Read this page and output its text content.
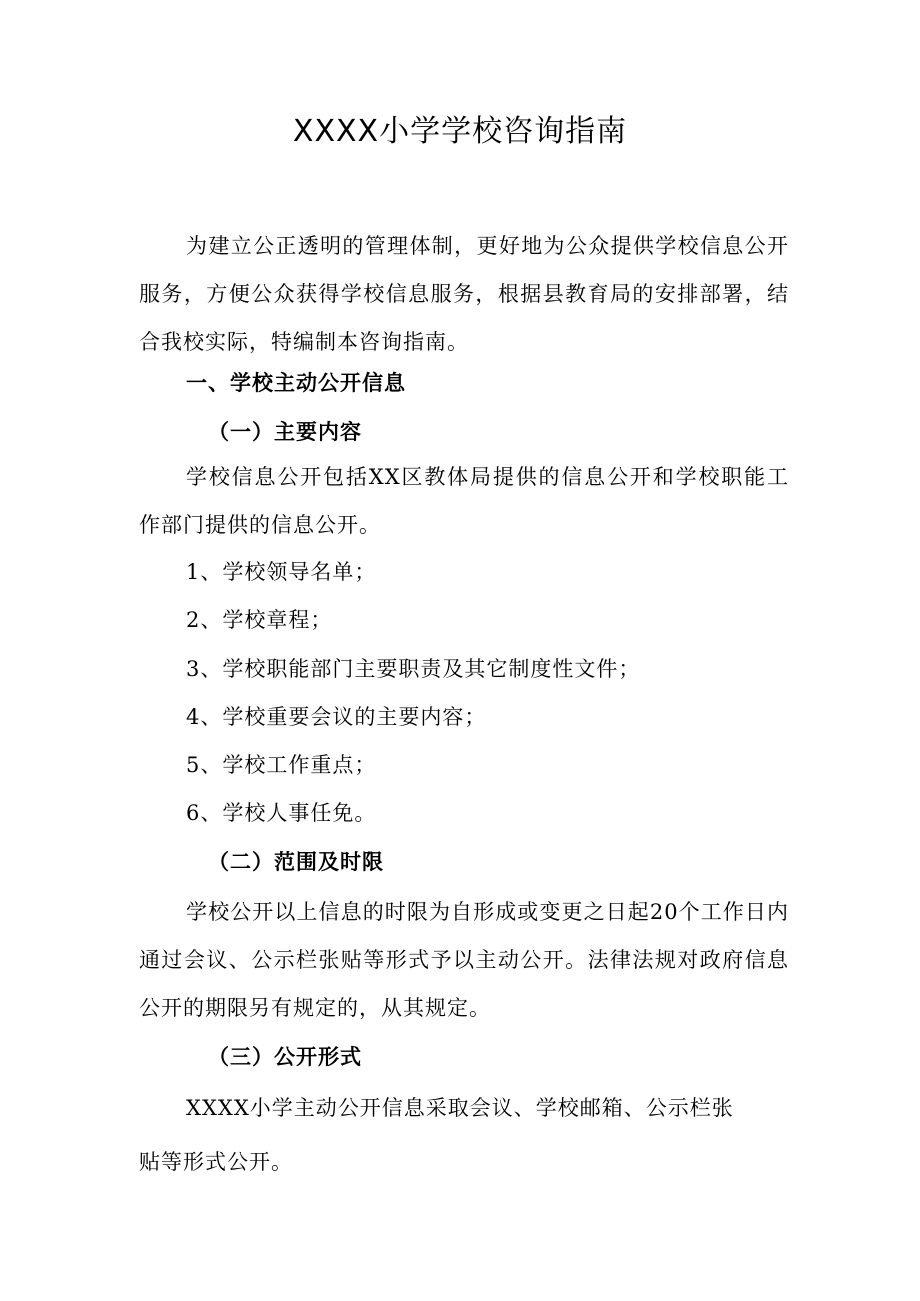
XXXX小学学校咨询指南
为建立公正透明的管理体制，更好地为公众提供学校信息公开服务，方便公众获得学校信息服务，根据县教育局的安排部署，结合我校实际，特编制本咨询指南。
一、学校主动公开信息
（一）主要内容
学校信息公开包括XX区教体局提供的信息公开和学校职能工作部门提供的信息公开。
1、学校领导名单；
2、学校章程；
3、学校职能部门主要职责及其它制度性文件；
4、学校重要会议的主要内容；
5、学校工作重点；
6、学校人事任免。
（二）范围及时限
学校公开以上信息的时限为自形成或变更之日起20个工作日内通过会议、公示栏张贴等形式予以主动公开。法律法规对政府信息公开的期限另有规定的，从其规定。
（三）公开形式
XXXX小学主动公开信息采取会议、学校邮箱、公示栏张
贴等形式公开。
